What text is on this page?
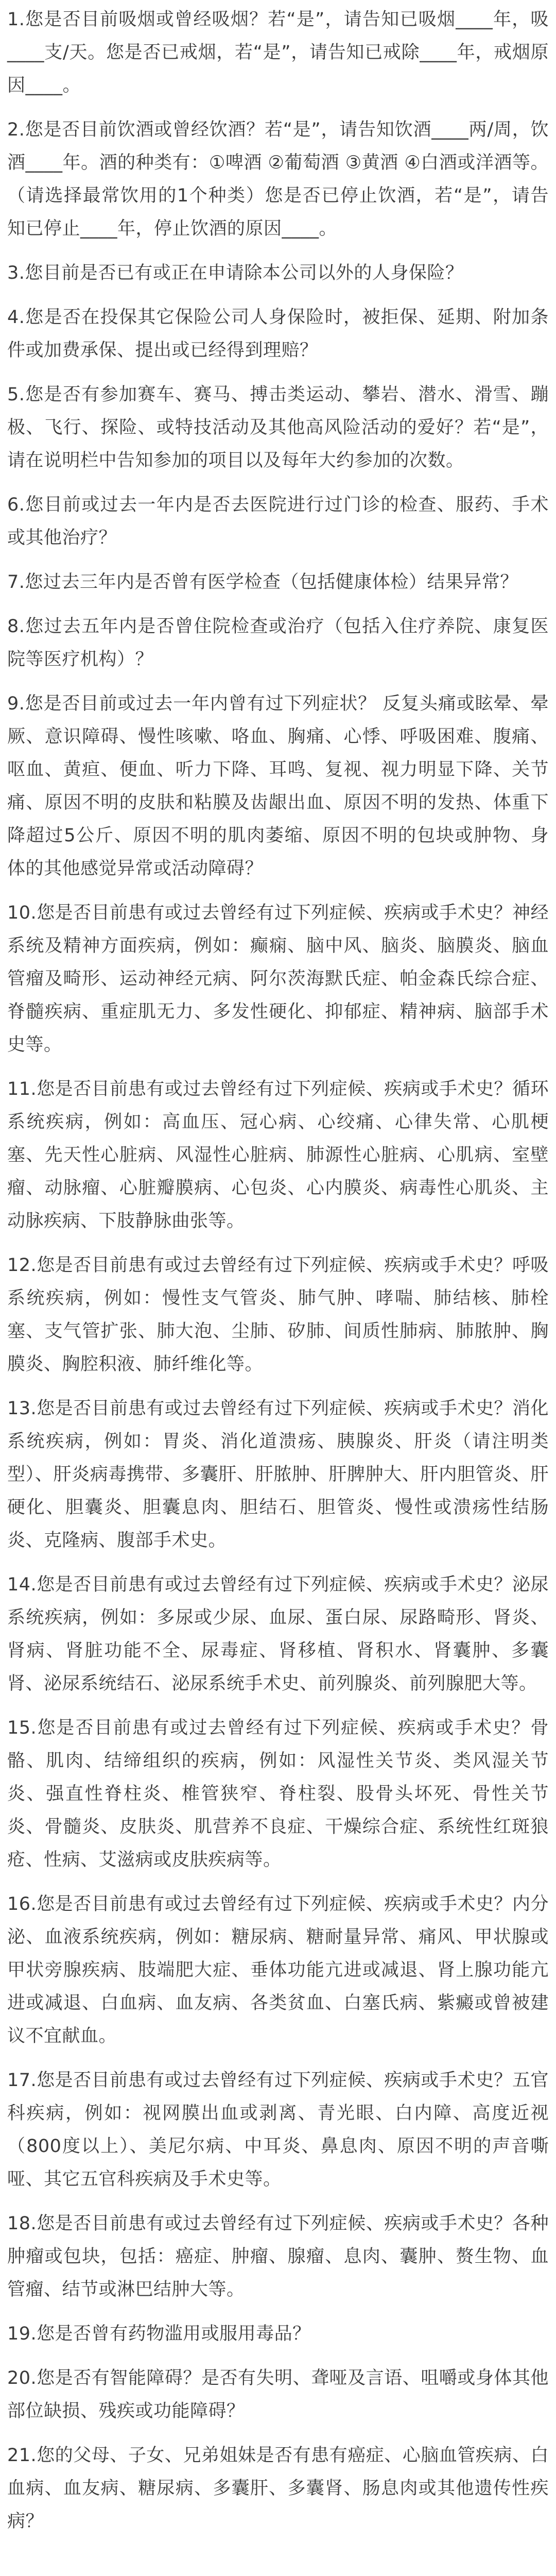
1.您是否目前吸烟或曾经吸烟？若“是”，请告知已吸烟____年，吸____支/天。您是否已戒烟，若“是”，请告知已戒除____年，戒烟原因____。

2.您是否目前饮酒或曾经饮酒？若“是”，请告知饮酒____两/周，饮酒____年。酒的种类有：①啤酒 ②葡萄酒 ③黄酒 ④白酒或洋酒等。（请选择最常饮用的1个种类）您是否已停止饮酒，若“是”，请告知已停止____年，停止饮酒的原因____。

3.您目前是否已有或正在申请除本公司以外的人身保险？

4.您是否在投保其它保险公司人身保险时，被拒保、延期、附加条件或加费承保、提出或已经得到理赔？

5.您是否有参加赛车、赛马、搏击类运动、攀岩、潜水、滑雪、蹦极、飞行、探险、或特技活动及其他高风险活动的爱好？若“是”，请在说明栏中告知参加的项目以及每年大约参加的次数。

6.您目前或过去一年内是否去医院进行过门诊的检查、服药、手术或其他治疗？

7.您过去三年内是否曾有医学检查（包括健康体检）结果异常？

8.您过去五年内是否曾住院检查或治疗（包括入住疗养院、康复医院等医疗机构）？

9.您是否目前或过去一年内曾有过下列症状？ 反复头痛或眩晕、晕厥、意识障碍、慢性咳嗽、咯血、胸痛、心悸、呼吸困难、腹痛、呕血、黄疸、便血、听力下降、耳鸣、复视、视力明显下降、关节痛、原因不明的皮肤和粘膜及齿龈出血、原因不明的发热、体重下降超过5公斤、原因不明的肌肉萎缩、原因不明的包块或肿物、身体的其他感觉异常或活动障碍？

10.您是否目前患有或过去曾经有过下列症候、疾病或手术史？神经系统及精神方面疾病，例如：癫痫、脑中风、脑炎、脑膜炎、脑血管瘤及畸形、运动神经元病、阿尔茨海默氏症、帕金森氏综合症、脊髓疾病、重症肌无力、多发性硬化、抑郁症、精神病、脑部手术史等。

11.您是否目前患有或过去曾经有过下列症候、疾病或手术史？循环系统疾病，例如：高血压、冠心病、心绞痛、心律失常、心肌梗塞、先天性心脏病、风湿性心脏病、肺源性心脏病、心肌病、室壁瘤、动脉瘤、心脏瓣膜病、心包炎、心内膜炎、病毒性心肌炎、主动脉疾病、下肢静脉曲张等。

12.您是否目前患有或过去曾经有过下列症候、疾病或手术史？呼吸系统疾病，例如：慢性支气管炎、肺气肿、哮喘、肺结核、肺栓塞、支气管扩张、肺大泡、尘肺、矽肺、间质性肺病、肺脓肿、胸膜炎、胸腔积液、肺纤维化等。

13.您是否目前患有或过去曾经有过下列症候、疾病或手术史？消化系统疾病，例如：胃炎、消化道溃疡、胰腺炎、肝炎（请注明类型）、肝炎病毒携带、多囊肝、肝脓肿、肝脾肿大、肝内胆管炎、肝硬化、胆囊炎、胆囊息肉、胆结石、胆管炎、慢性或溃疡性结肠炎、克隆病、腹部手术史。

14.您是否目前患有或过去曾经有过下列症候、疾病或手术史？泌尿系统疾病，例如：多尿或少尿、血尿、蛋白尿、尿路畸形、肾炎、肾病、肾脏功能不全、尿毒症、肾移植、肾积水、肾囊肿、多囊肾、泌尿系统结石、泌尿系统手术史、前列腺炎、前列腺肥大等。

15.您是否目前患有或过去曾经有过下列症候、疾病或手术史？骨骼、肌肉、结缔组织的疾病，例如：风湿性关节炎、类风湿关节炎、强直性脊柱炎、椎管狭窄、脊柱裂、股骨头坏死、骨性关节炎、骨髓炎、皮肤炎、肌营养不良症、干燥综合症、系统性红斑狼疮、性病、艾滋病或皮肤疾病等。

16.您是否目前患有或过去曾经有过下列症候、疾病或手术史？内分泌、血液系统疾病，例如：糖尿病、糖耐量异常、痛风、甲状腺或甲状旁腺疾病、肢端肥大症、垂体功能亢进或减退、肾上腺功能亢进或减退、白血病、血友病、各类贫血、白塞氏病、紫癜或曾被建议不宜献血。

17.您是否目前患有或过去曾经有过下列症候、疾病或手术史？五官科疾病，例如：视网膜出血或剥离、青光眼、白内障、高度近视（800度以上）、美尼尔病、中耳炎、鼻息肉、原因不明的声音嘶哑、其它五官科疾病及手术史等。

18.您是否目前患有或过去曾经有过下列症候、疾病或手术史？各种肿瘤或包块，包括：癌症、肿瘤、腺瘤、息肉、囊肿、赘生物、血管瘤、结节或淋巴结肿大等。

19.您是否曾有药物滥用或服用毒品？

20.您是否有智能障碍？是否有失明、聋哑及言语、咀嚼或身体其他部位缺损、残疾或功能障碍？

21.您的父母、子女、兄弟姐妹是否有患有癌症、心脑血管疾病、白血病、血友病、糖尿病、多囊肝、多囊肾、肠息肉或其他遗传性疾病？
